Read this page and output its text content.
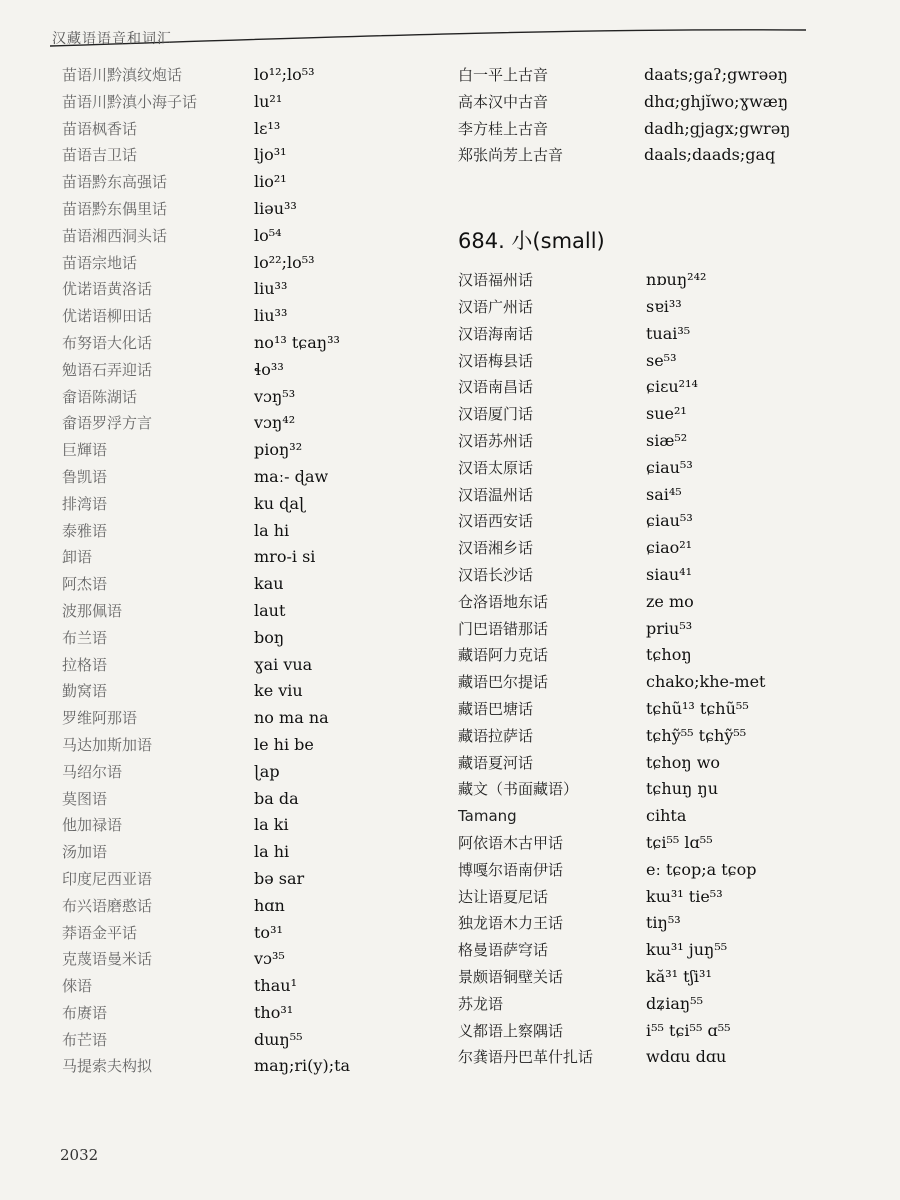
汉藏语语音和词汇
苗语川黔滇纹炮话	lo¹²;lo⁵³
苗语川黔滇小海子话	lu²¹
苗语枫香话	lɛ¹³
苗语吉卫话	ljo³¹
苗语黔东高强话	lio²¹
苗语黔东偶里话	liəu³³
苗语湘西洞头话	lo⁵⁴
苗语宗地话	lo²²;lo⁵³
优诺语黄洛话	liu³³
优诺语柳田话	liu³³
布努语大化话	no¹³ tɕaŋ³³
勉语石弄迎话	ɬo³³
畲语陈湖话	vɔŋ⁵³
畲语罗浮方言	vɔŋ⁴²
巨輝语	pioŋ³²
鲁凯语	maː- ɖaw
排湾语	ku ɖaɭ
泰雅语	la hi
卸语	mro-i si
阿杰语	kau
波那佩语	laut
布兰语	boŋ
拉格语	ɣai vua
勤窝语	ke viu
罗维阿那语	no ma na
马达加斯加语	le hi be
马绍尔语	ɭap
莫图语	ba da
他加禄语	la ki
汤加语	la hi
印度尼西亚语	bə sar
布兴语磨憨话	hɑn
莽语金平话	to³¹
克蔑语曼米话	vɔ³⁵
倈语	thau¹
布赓语	tho³¹
布芒语	dɯŋ⁵⁵
马提索夫构拟	maŋ;ri(y);ta
白一平上古音	daats;gaʔ;gwrəəŋ
高本汉中古音	dhɑ;ghjĭwo;ɣwæŋ
李方桂上古音	dadh;gjagx;gwrəŋ
郑张尚芳上古音	daals;daads;gaq
684. 小(small)
汉语福州话	nɒuŋ²⁴²
汉语广州话	sɐi³³
汉语海南话	tuai³⁵
汉语梅县话	se⁵³
汉语南昌话	ɕiɛu²¹⁴
汉语厦门话	sue²¹
汉语苏州话	siæ⁵²
汉语太原话	ɕiau⁵³
汉语温州话	sai⁴⁵
汉语西安话	ɕiau⁵³
汉语湘乡话	ɕiao²¹
汉语长沙话	siau⁴¹
仓洛语地东话	ze mo
门巴语错那话	priu⁵³
藏语阿力克话	tɕhoŋ
藏语巴尔提话	chako;khe-met
藏语巴塘话	tɕhũ¹³ tɕhũ⁵⁵
藏语拉萨话	tɕhỹ⁵⁵ tɕhỹ⁵⁵
藏语夏河话	tɕhoŋ wo
藏文（书面藏语）	tɕhuŋ ŋu
Tamang	cihta
阿依语木古甲话	tɕi⁵⁵ lɑ⁵⁵
博嘎尔语南伊话	eː tɕop;a tɕop
达让语夏尼话	kɯ³¹ tie⁵³
独龙语木力王话	tiŋ⁵³
格曼语萨穹话	kɯ³¹ juŋ⁵⁵
景颇语铜壁关话	kă³¹ tʃi³¹
苏龙语	dʑiaŋ⁵⁵
义都语上察隅话	i⁵⁵ tɕi⁵⁵ ɑ⁵⁵
尔龚语丹巴革什扎话	wdɑu dɑu
2032
